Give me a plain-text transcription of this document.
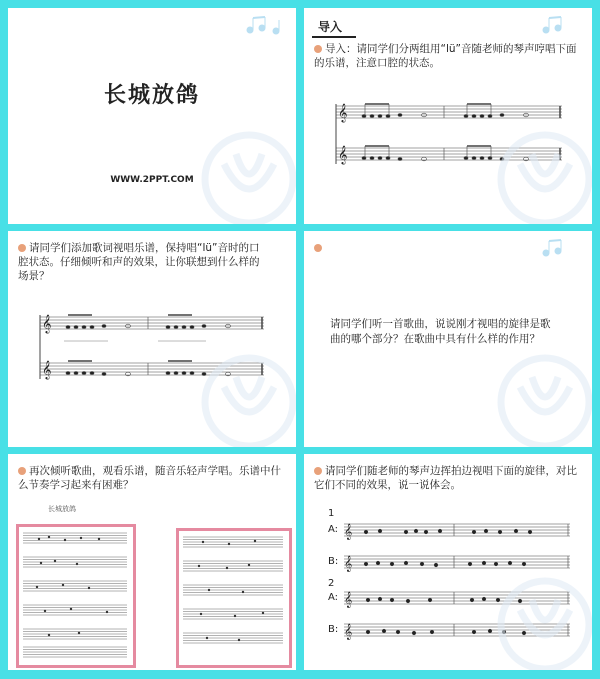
长城放鸽
WWW.2PPT.COM
导入
导入：请同学们分两组用“lü”音随老师的琴声哼唱下面的乐谱，注意口腔的状态。
𝄞
𝄞
请同学们添加歌词视唱乐谱，保持唱“lü”音时的口腔状态。仔细倾听和声的效果，让你联想到什么样的场景？
𝄞
𝄞
请同学们听一首歌曲，说说刚才视唱的旋律是歌曲的哪个部分？在歌曲中具有什么样的作用？
再次倾听歌曲，观看乐谱，随音乐轻声学唱。乐谱中什么节奏学习起来有困难？
长城放鸽
请同学们随老师的琴声边挥拍边视唱下面的旋律，对比它们不同的效果，说一说体会。
1
A:
B:
2
A:
B:
𝄞
𝄞
𝄞
𝄞
